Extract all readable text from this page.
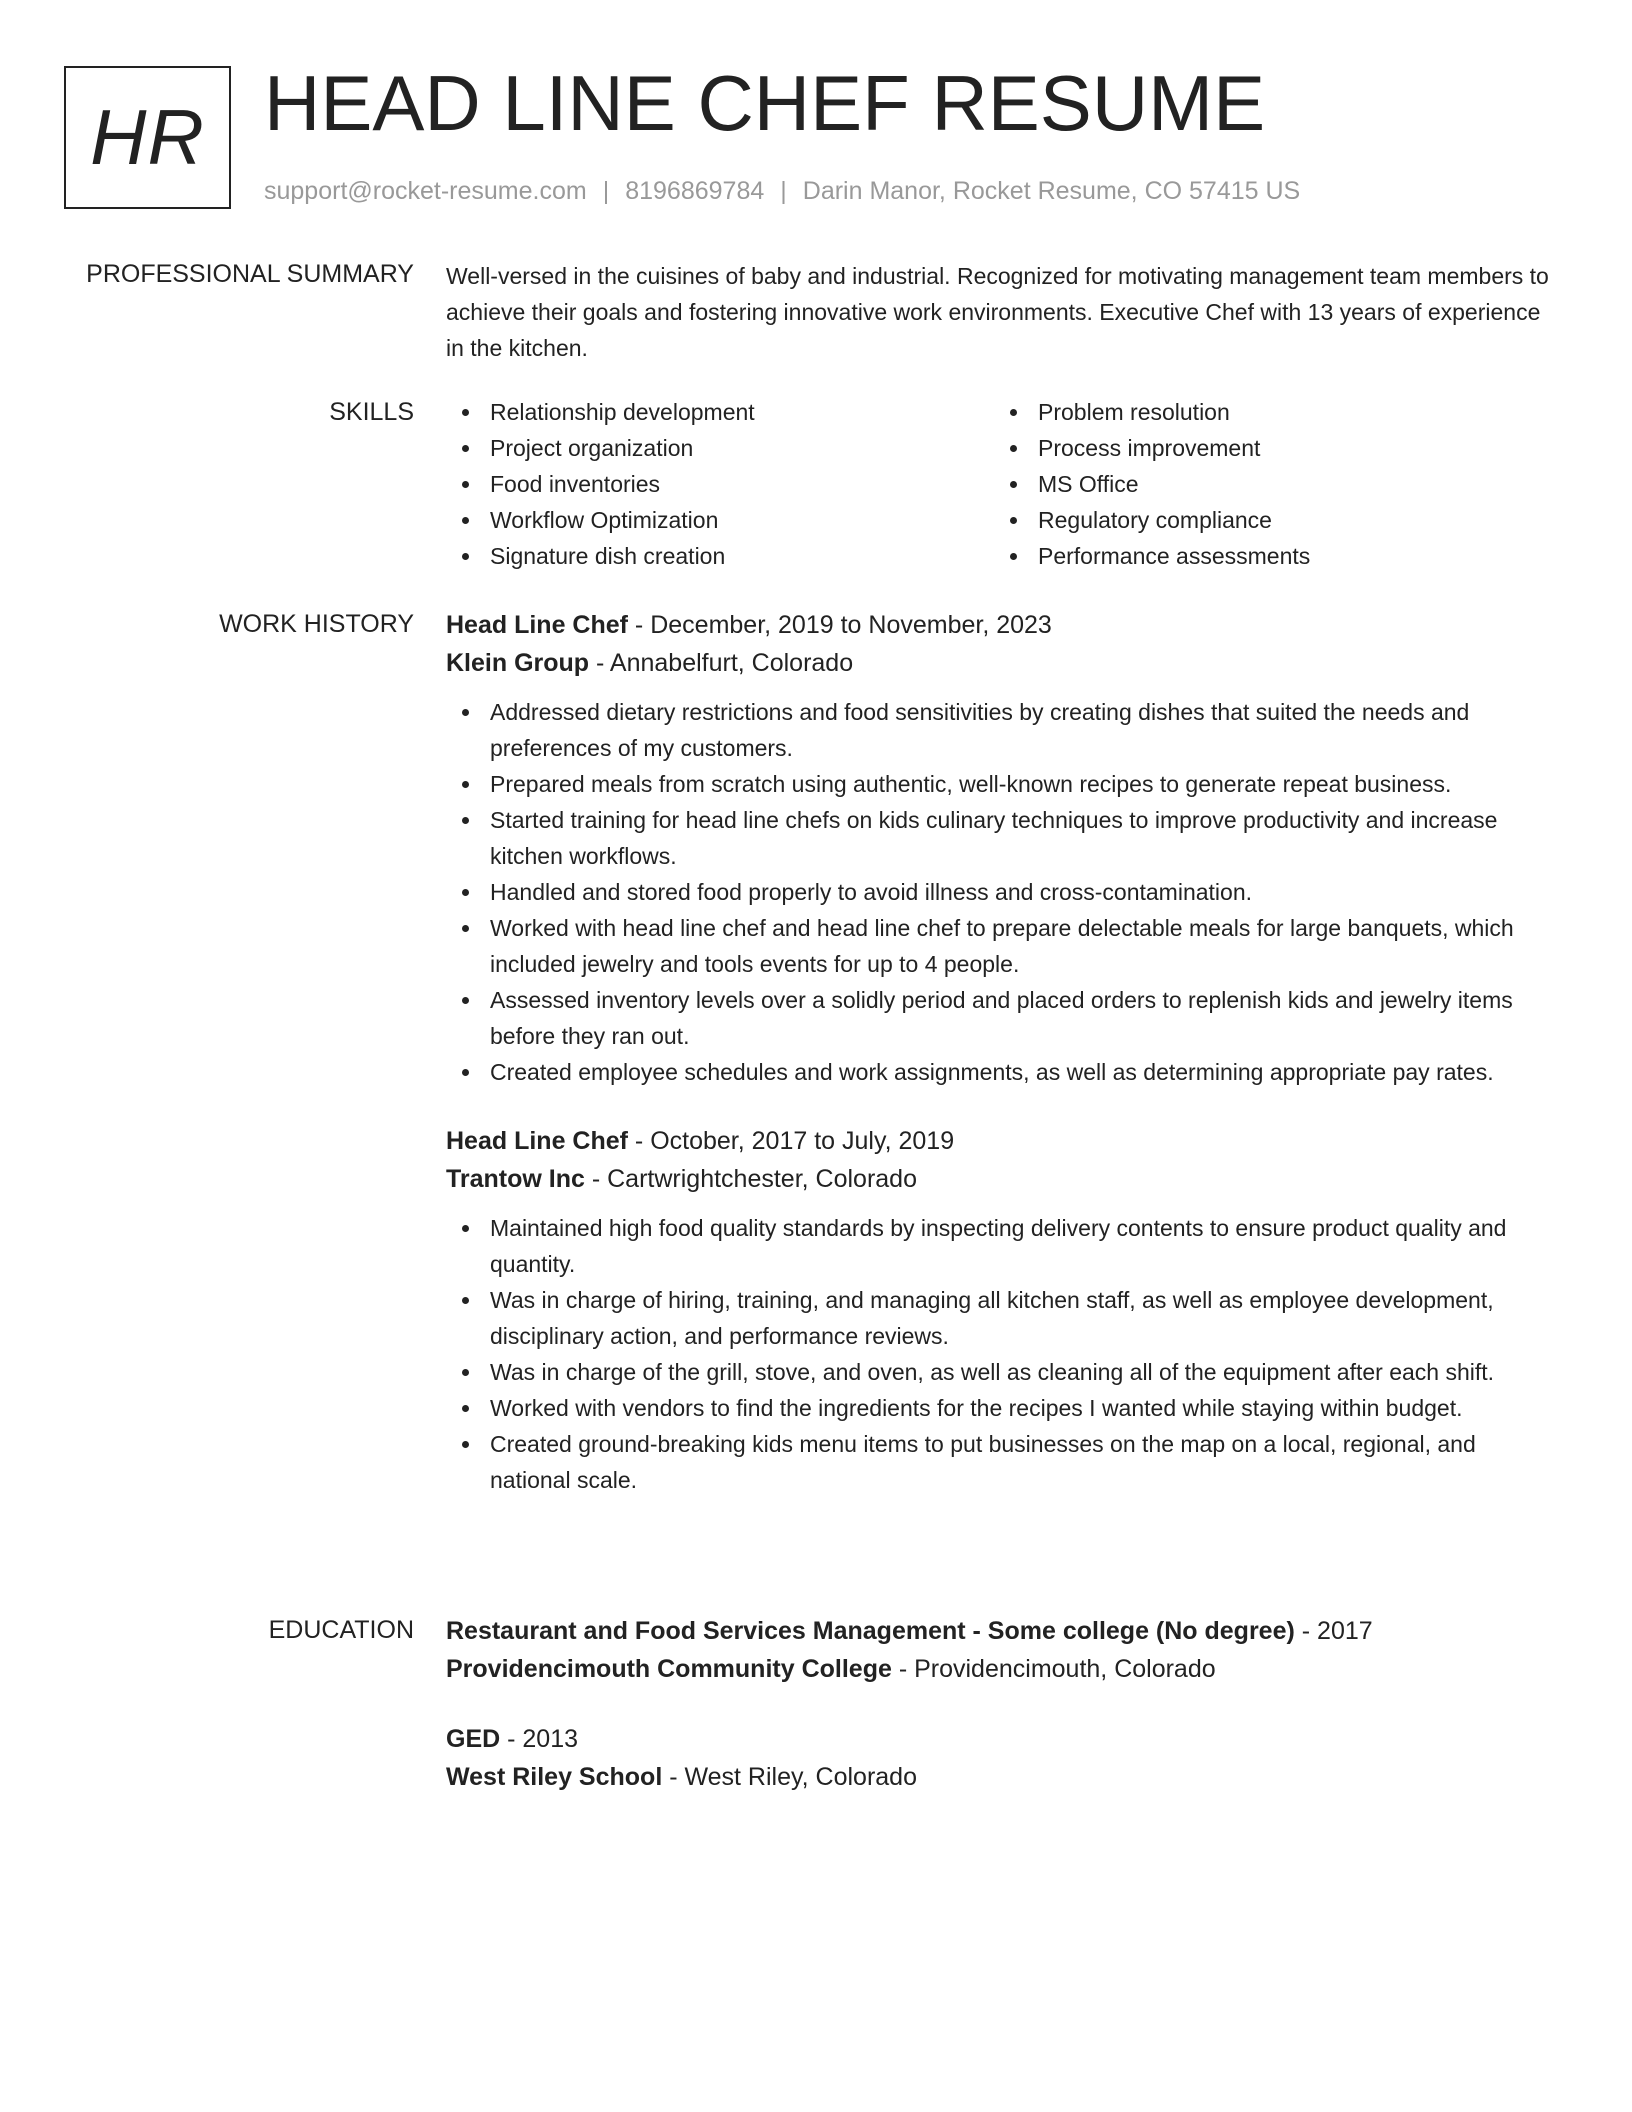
HR HEAD LINE CHEF RESUME
support@rocket-resume.com | 8196869784 | Darin Manor, Rocket Resume, CO 57415 US
PROFESSIONAL SUMMARY Well-versed in the cuisines of baby and industrial. Recognized for motivating management team members to achieve their goals and fostering innovative work environments. Executive Chef with 13 years of experience in the kitchen.

SKILLS	Relationship development
Project organization
Food inventories
Workflow Optimization
Signature dish creation
Problem resolution
Process improvement
MS Office
Regulatory compliance
Performance assessments
WORK HISTORY Head Line Chef - December, 2019 to November, 2023
Klein Group - Annabelfurt, Colorado
Addressed dietary restrictions and food sensitivities by creating dishes that suited the needs and preferences of my customers.
Prepared meals from scratch using authentic, well-known recipes to generate repeat business.
Started training for head line chefs on kids culinary techniques to improve productivity and increase kitchen workflows.
Handled and stored food properly to avoid illness and cross-contamination.
Worked with head line chef and head line chef to prepare delectable meals for large banquets, which included jewelry and tools events for up to 4 people.
Assessed inventory levels over a solidly period and placed orders to replenish kids and jewelry items before they ran out.
Created employee schedules and work assignments, as well as determining appropriate pay rates.
Head Line Chef - October, 2017 to July, 2019
Trantow Inc - Cartwrightchester, Colorado
Maintained high food quality standards by inspecting delivery contents to ensure product quality and quantity.
Was in charge of hiring, training, and managing all kitchen staff, as well as employee development, disciplinary action, and performance reviews.
Was in charge of the grill, stove, and oven, as well as cleaning all of the equipment after each shift.
Worked with vendors to find the ingredients for the recipes I wanted while staying within budget.
Created ground-breaking kids menu items to put businesses on the map on a local, regional, and national scale.
EDUCATION Restaurant and Food Services Management - Some college (No degree) - 2017
Providencimouth Community College - Providencimouth, Colorado
GED - 2013
West Riley School - West Riley, Colorado
